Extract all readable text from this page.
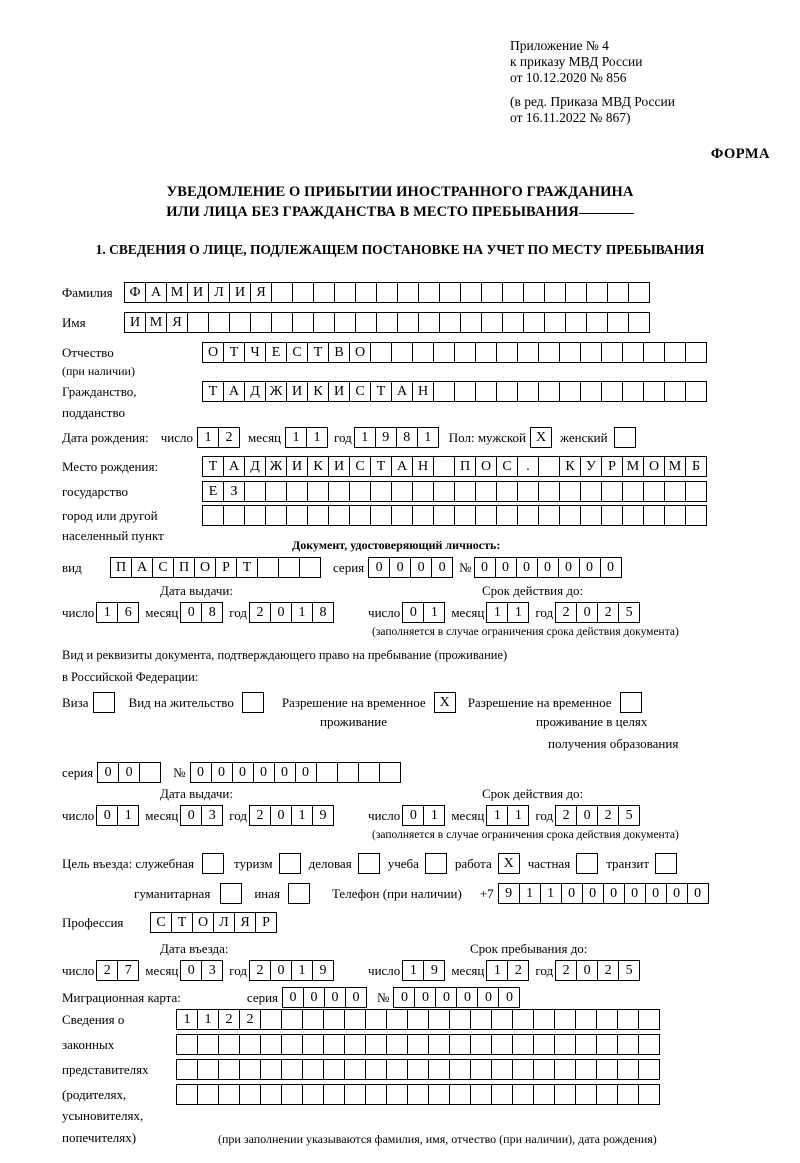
Приложение № 4
к приказу МВД России
от 10.12.2020 № 856
(в ред. Приказа МВД России
от 16.11.2022 № 867)
ФОРМА
УВЕДОМЛЕНИЕ О ПРИБЫТИИ ИНОСТРАННОГО ГРАЖДАНИНА
ИЛИ ЛИЦА БЕЗ ГРАЖДАНСТВА В МЕСТО ПРЕБЫВАНИЯ
1. СВЕДЕНИЯ О ЛИЦЕ, ПОДЛЕЖАЩЕМ ПОСТАНОВКЕ НА УЧЕТ ПО МЕСТУ ПРЕБЫВАНИЯ
Фамилия	Ф А М И Л И Я
Имя	И М Я
Отчество	О Т Ч Е С Т В О
(при наличии)
Гражданство,	Т А Д Ж И К И С Т А Н
подданство
Дата рождения: число 1	2	месяц 1	1	год 1	9	8	1	Пол: мужской X	женский
Место рождения:	Т А Д Ж И К И С Т А Н	П О С	.	К У Р М О М Б
государство	Е З
город или другой
населенный пункт
Документ, удостоверяющий личность:
вид	П А С П О Р Т	серия 0	0	0	0	№ 0	0	0	0	0	0	0
Дата выдачи:	Срок действия до:
число 1	6	месяц 0	8	год 2	0	1	8	число 0	1	месяц 1	1	год 2	0	2	5
(заполняется в случае ограничения срока действия документа)
Вид и реквизиты документа, подтверждающего право на пребывание (проживание)
в Российской Федерации:
Виза	Вид на жительство	Разрешение на временное X	Разрешение на временное
проживание	проживание в целях
получения образования
серия 0	0	№ 0	0	0	0	0	0
Дата выдачи:	Срок действия до:
число 0	1	месяц 0	3	год 2	0	1	9	число 0	1	месяц 1	1	год 2	0	2	5
(заполняется в случае ограничения срока действия документа)
Цель въезда: служебная	туризм	деловая	учеба	работа X	частная	транзит
гуманитарная	иная	Телефон (при наличии) +7 9	1	1	0	0	0	0	0	0	0
Профессия	С Т О Л Я Р
Дата въезда:	Срок пребывания до:
число 2	7	месяц 0	3	год 2	0	1	9	число 1	9	месяц 1	2	год 2	0	2	5
Миграционная карта:	серия 0	0	0	0	№ 0	0	0	0	0	0
Сведения о	1	1	2	2
законных
представителях
(родителях,
усыновителях,
попечителях)	(при заполнении указываются фамилия, имя, отчество (при наличии), дата рождения)
